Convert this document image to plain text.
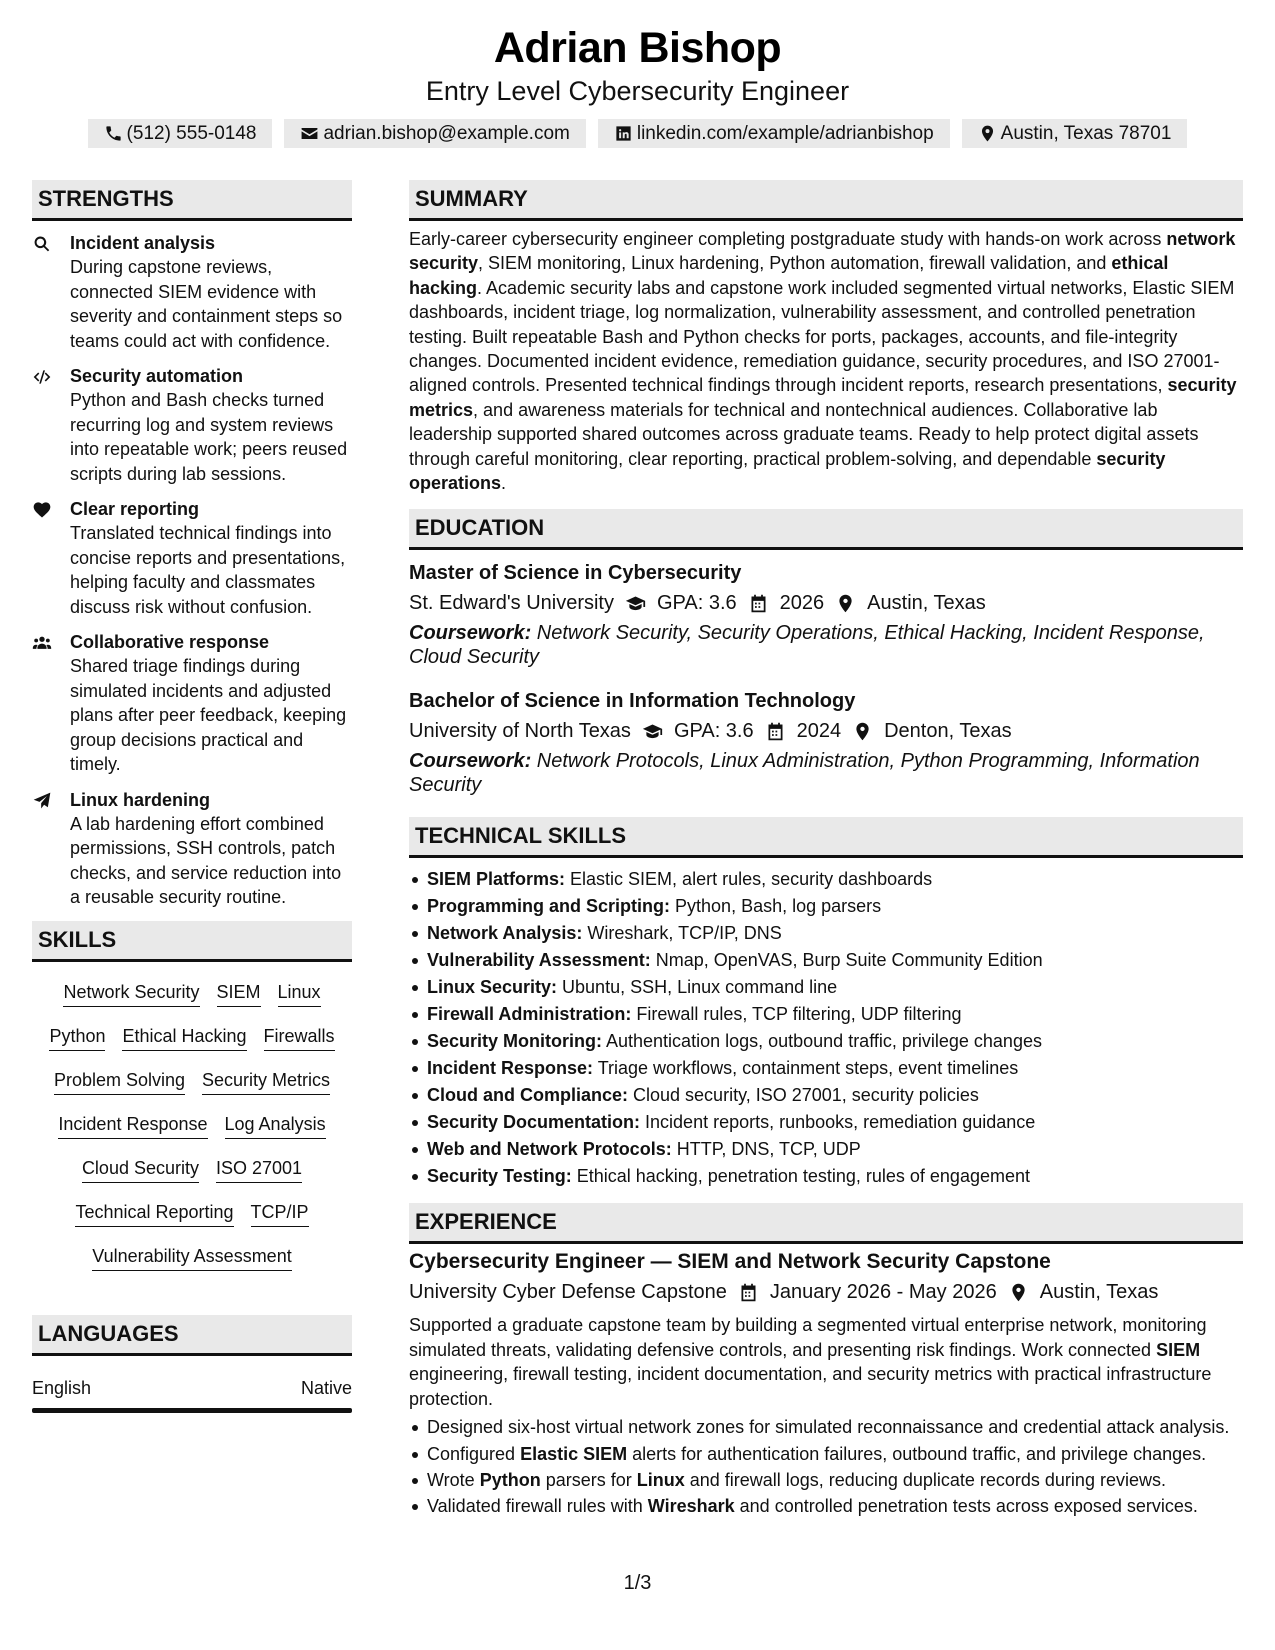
Adrian Bishop
Entry Level Cybersecurity Engineer
(512) 555-0148	adrian.bishop@example.com	linkedin.com/example/adrianbishop	Austin, Texas 78701
STRENGTHS
Incident analysis
During capstone reviews, connected SIEM evidence with severity and containment steps so teams could act with confidence.
Security automation
Python and Bash checks turned recurring log and system reviews into repeatable work; peers reused scripts during lab sessions.
Clear reporting
Translated technical findings into concise reports and presentations, helping faculty and classmates discuss risk without confusion.
Collaborative response
Shared triage findings during simulated incidents and adjusted plans after peer feedback, keeping group decisions practical and timely.
Linux hardening
A lab hardening effort combined permissions, SSH controls, patch checks, and service reduction into a reusable security routine.
SKILLS
Network Security SIEM Linux
Python Ethical Hacking Firewalls
Problem Solving Security Metrics
Incident Response Log Analysis
Cloud Security ISO 27001
Technical Reporting TCP/IP
Vulnerability Assessment
LANGUAGES
English	Native
SUMMARY
Early-career cybersecurity engineer completing postgraduate study with hands-on work across network security, SIEM monitoring, Linux hardening, Python automation, firewall validation, and ethical hacking. Academic security labs and capstone work included segmented virtual networks, Elastic SIEM dashboards, incident triage, log normalization, vulnerability assessment, and controlled penetration testing. Built repeatable Bash and Python checks for ports, packages, accounts, and file-integrity changes. Documented incident evidence, remediation guidance, security procedures, and ISO 27001-aligned controls. Presented technical findings through incident reports, research presentations, security metrics, and awareness materials for technical and nontechnical audiences. Collaborative lab leadership supported shared outcomes across graduate teams. Ready to help protect digital assets through careful monitoring, clear reporting, practical problem-solving, and dependable security operations.
EDUCATION
Master of Science in Cybersecurity
St. Edward's University GPA: 3.6 2026 Austin, Texas
Coursework: Network Security, Security Operations, Ethical Hacking, Incident Response, Cloud Security
Bachelor of Science in Information Technology
University of North Texas GPA: 3.6 2024 Denton, Texas
Coursework: Network Protocols, Linux Administration, Python Programming, Information Security
TECHNICAL SKILLS
SIEM Platforms: Elastic SIEM, alert rules, security dashboards
Programming and Scripting: Python, Bash, log parsers
Network Analysis: Wireshark, TCP/IP, DNS
Vulnerability Assessment: Nmap, OpenVAS, Burp Suite Community Edition
Linux Security: Ubuntu, SSH, Linux command line
Firewall Administration: Firewall rules, TCP filtering, UDP filtering
Security Monitoring: Authentication logs, outbound traffic, privilege changes
Incident Response: Triage workflows, containment steps, event timelines
Cloud and Compliance: Cloud security, ISO 27001, security policies
Security Documentation: Incident reports, runbooks, remediation guidance
Web and Network Protocols: HTTP, DNS, TCP, UDP
Security Testing: Ethical hacking, penetration testing, rules of engagement
EXPERIENCE
Cybersecurity Engineer — SIEM and Network Security Capstone
University Cyber Defense Capstone January 2026 - May 2026 Austin, Texas
Supported a graduate capstone team by building a segmented virtual enterprise network, monitoring simulated threats, validating defensive controls, and presenting risk findings. Work connected SIEM engineering, firewall testing, incident documentation, and security metrics with practical infrastructure protection.
Designed six-host virtual network zones for simulated reconnaissance and credential attack analysis.
Configured Elastic SIEM alerts for authentication failures, outbound traffic, and privilege changes.
Wrote Python parsers for Linux and firewall logs, reducing duplicate records during reviews.
Validated firewall rules with Wireshark and controlled penetration tests across exposed services.
1/3
